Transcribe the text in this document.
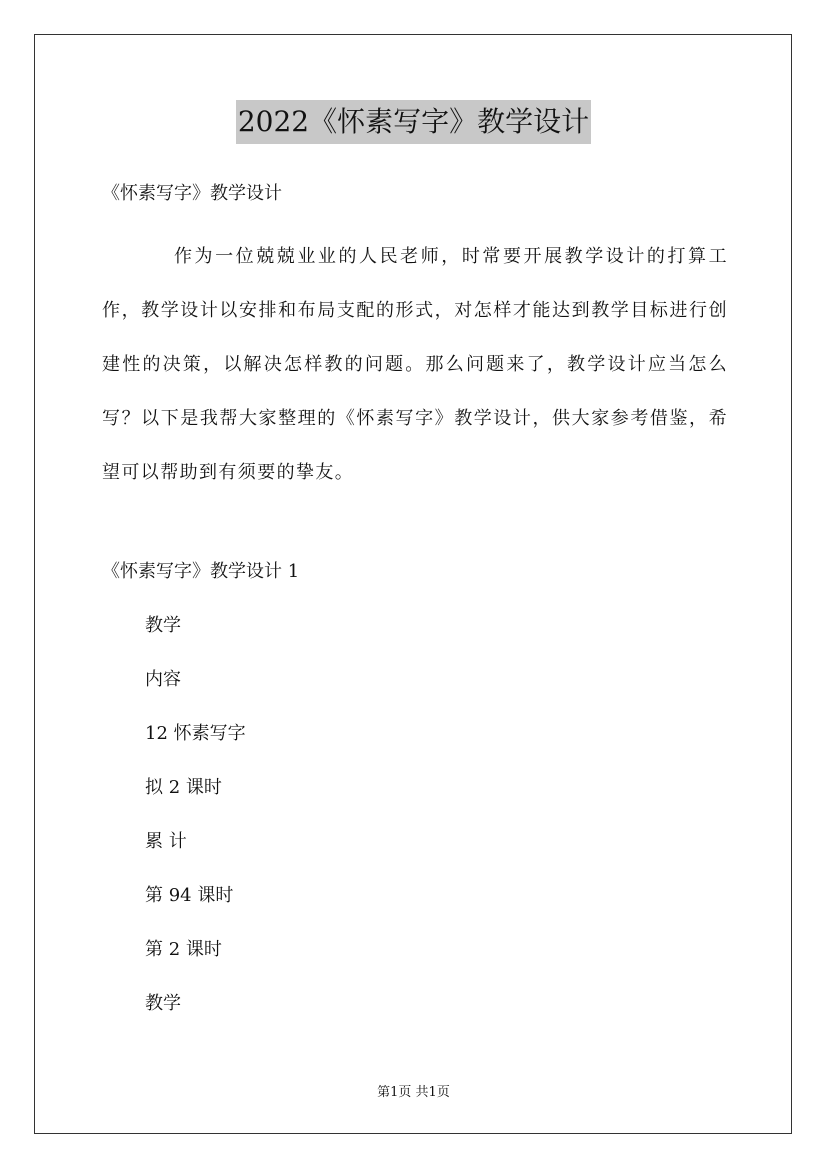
2022《怀素写字》教学设计

《怀素写字》教学设计

作为一位兢兢业业的人民老师，时常要开展教学设计的打算工作，教学设计以安排和布局支配的形式，对怎样才能达到教学目标进行创建性的决策，以解决怎样教的问题。那么问题来了，教学设计应当怎么写？以下是我帮大家整理的《怀素写字》教学设计，供大家参考借鉴，希望可以帮助到有须要的挚友。

《怀素写字》教学设计 1

教学
内容
12 怀素写字
拟 2 课时
累 计
第 94 课时
第 2 课时
教学
第1页 共1页
